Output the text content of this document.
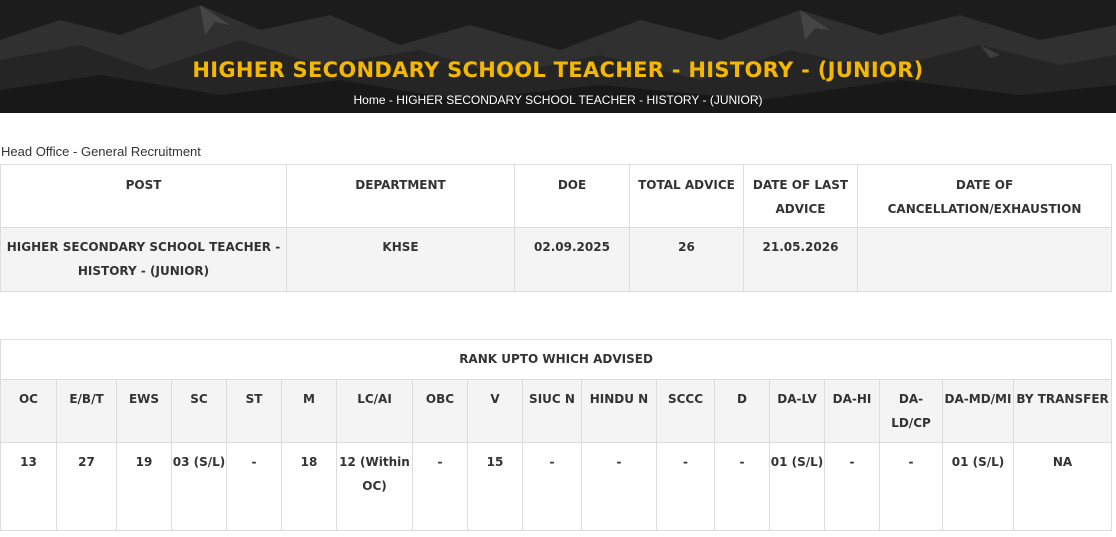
HIGHER SECONDARY SCHOOL TEACHER - HISTORY - (JUNIOR)
Home - HIGHER SECONDARY SCHOOL TEACHER - HISTORY - (JUNIOR)
Head Office - General Recruitment
POST	DEPARTMENT	DOE	TOTAL ADVICE	DATE OF LAST ADVICE	DATE OF CANCELLATION/EXHAUSTION
HIGHER SECONDARY SCHOOL TEACHER - HISTORY - (JUNIOR)	KHSE	02.09.2025	26	21.05.2026	
RANK UPTO WHICH ADVISED																	
OC	E/B/T	EWS	SC	ST	M	LC/AI	OBC	V	SIUC N	HINDU N	SCCC	D	DA-LV	DA-HI	DA-LD/CP	DA-MD/MI	BY TRANSFER
13	27	19	03 (S/L)	-	18	12 (Within OC)	-	15	-	-	-	-	01 (S/L)	-	-	01 (S/L)	NA
